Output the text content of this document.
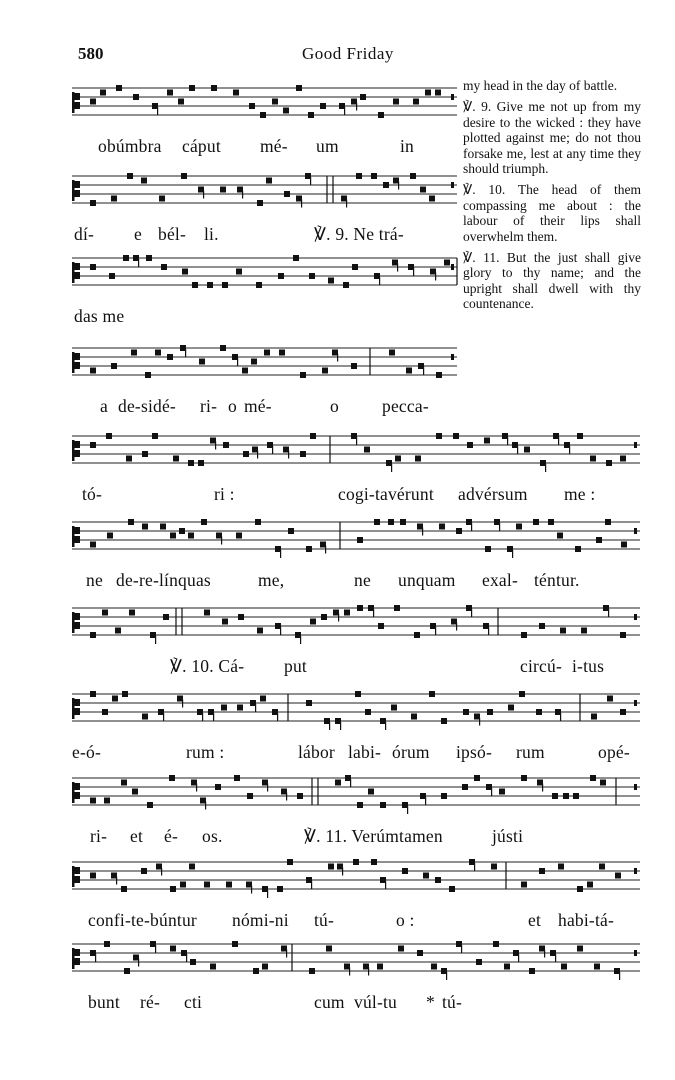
580	Good Friday

my head in the day of battle.

℣. 9. Give me not up from my desire to the wicked : they have plotted against me; do not thou forsake me, lest at any time they should triumph.

℣. 10. The head of them compassing me about : the labour of their lips shall overwhelm them.

℣. 11. But the just shall give glory to thy name; and the upright shall dwell with thy countenance.

obúmbra cáput mé- um	in
dí- e bél- li.	℣. 9. Ne trá-
das me
a de-sidé- ri- o mé-	o pecca-
tó-	ri :	cogi-tavérunt advérsum me :
ne de-re-línquas	me,	ne unquam exal- téntur.
℣. 10. Cá- put	circú- i-tus
e-ó-	rum :	lábor labi- órum ipsó- rum	opé-
ri- et é- os.	℣. 11. Verúmtamen	jústi
confi-te-búntur nómi-ni tú-	o :	et habi-tá-
bunt ré- cti	cum vúl-tu * tú-
